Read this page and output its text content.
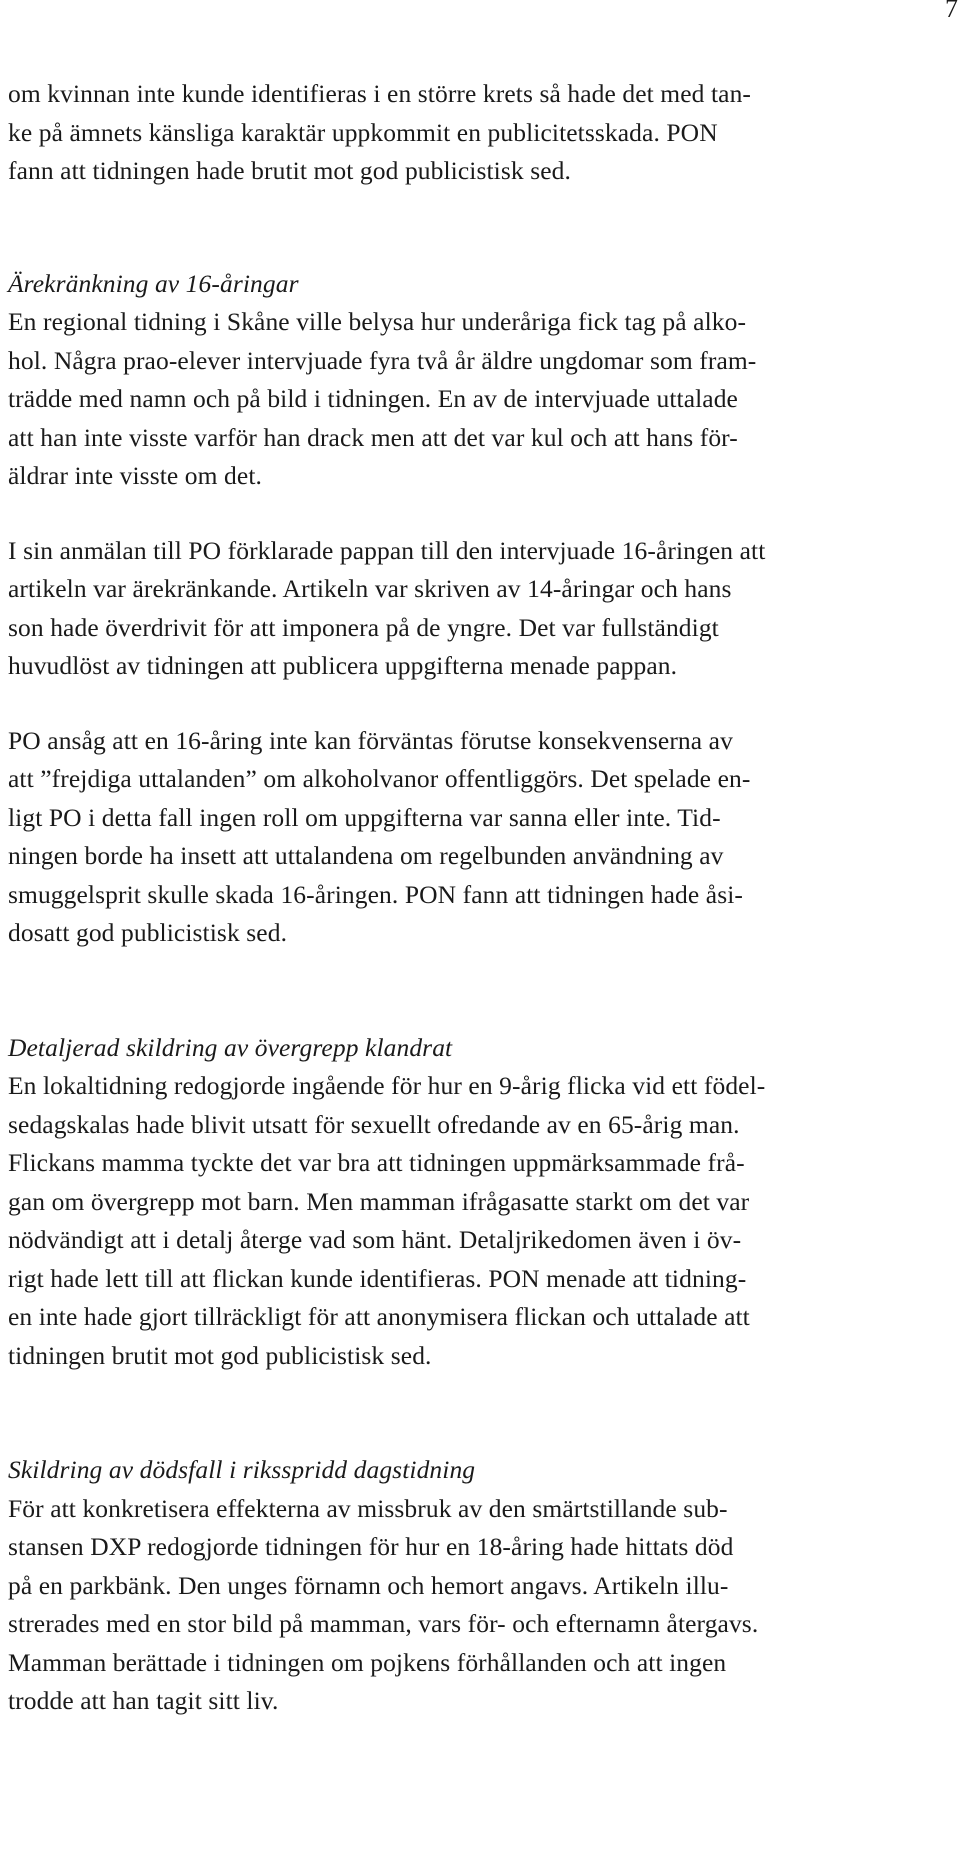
7
om kvinnan inte kunde identifieras i en större krets så hade det med tan-
ke på ämnets känsliga karaktär uppkommit en publicitetsskada. PON
fann att tidningen hade brutit mot god publicistisk sed.
Ärekränkning av 16-åringar
En regional tidning i Skåne ville belysa hur underåriga fick tag på alko-
hol. Några prao-elever intervjuade fyra två år äldre ungdomar som fram-
trädde med namn och på bild i tidningen. En av de intervjuade uttalade
att han inte visste varför han drack men att det var kul och att hans för-
äldrar inte visste om det.
I sin anmälan till PO förklarade pappan till den intervjuade 16-åringen att
artikeln var ärekränkande. Artikeln var skriven av 14-åringar och hans
son hade överdrivit för att imponera på de yngre. Det var fullständigt
huvudlöst av tidningen att publicera uppgifterna menade pappan.
PO ansåg att en 16-åring inte kan förväntas förutse konsekvenserna av
att ”frejdiga uttalanden” om alkoholvanor offentliggörs. Det spelade en-
ligt PO i detta fall ingen roll om uppgifterna var sanna eller inte. Tid-
ningen borde ha insett att uttalandena om regelbunden användning av
smuggelsprit skulle skada 16-åringen. PON fann att tidningen hade åsi-
dosatt god publicistisk sed.
Detaljerad skildring av övergrepp klandrat
En lokaltidning redogjorde ingående för hur en 9-årig flicka vid ett födel-
sedagskalas hade blivit utsatt för sexuellt ofredande av en 65-årig man.
Flickans mamma tyckte det var bra att tidningen uppmärksammade frå-
gan om övergrepp mot barn. Men mamman ifrågasatte starkt om det var
nödvändigt att i detalj återge vad som hänt. Detaljrikedomen även i öv-
rigt hade lett till att flickan kunde identifieras. PON menade att tidning-
en inte hade gjort tillräckligt för att anonymisera flickan och uttalade att
tidningen brutit mot god publicistisk sed.
Skildring av dödsfall i riksspridd dagstidning
För att konkretisera effekterna av missbruk av den smärtstillande sub-
stansen DXP redogjorde tidningen för hur en 18-åring hade hittats död
på en parkbänk. Den unges förnamn och hemort angavs. Artikeln illu-
strerades med en stor bild på mamman, vars för- och efternamn återgavs.
Mamman berättade i tidningen om pojkens förhållanden och att ingen
trodde att han tagit sitt liv.
